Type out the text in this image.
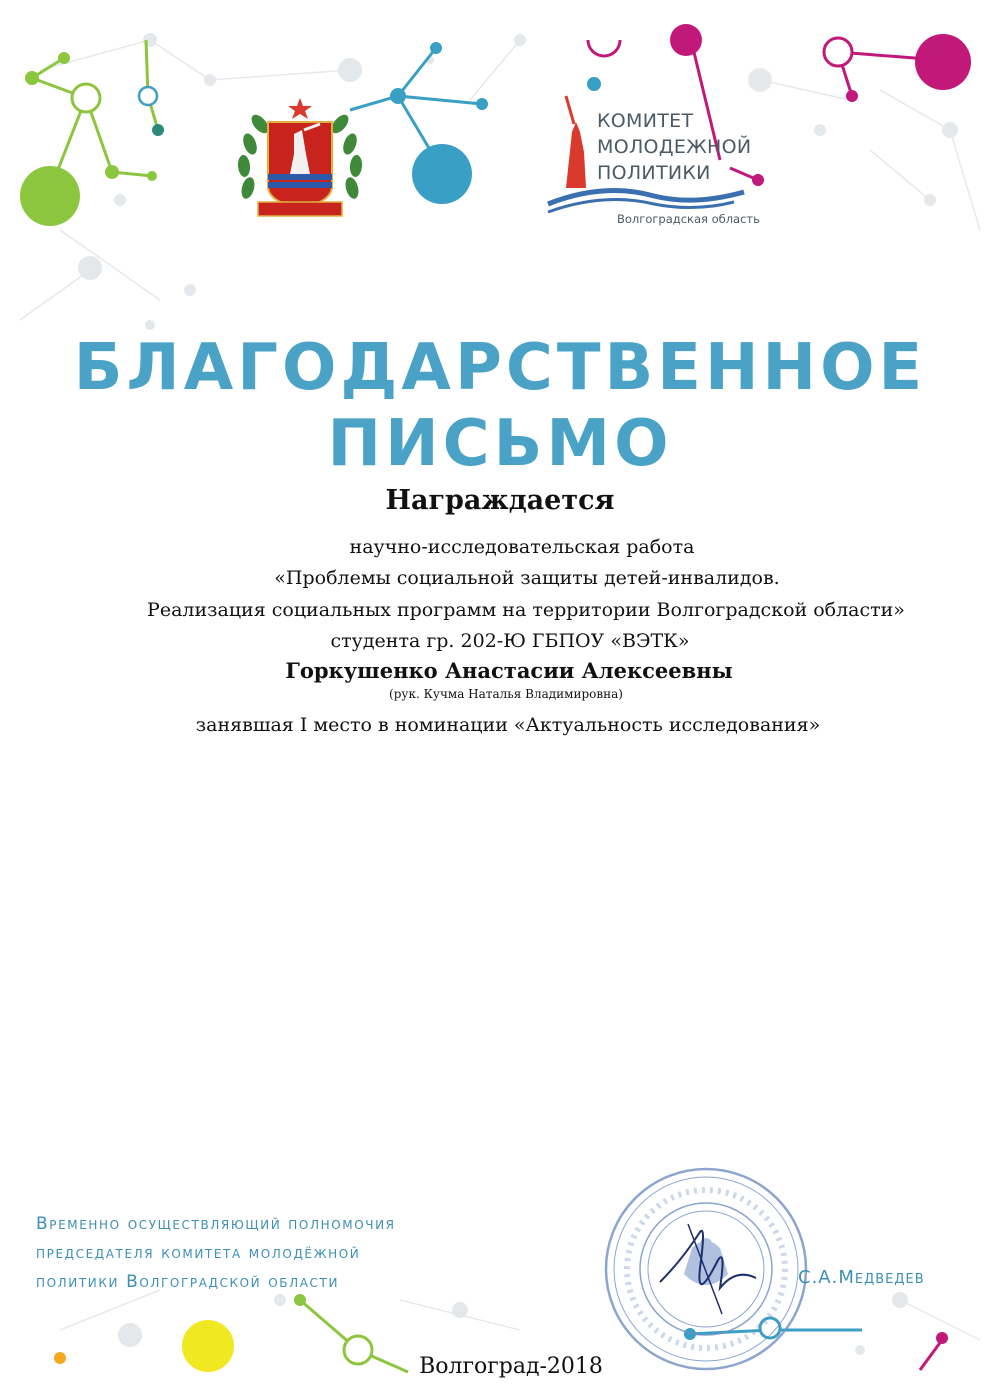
КОМИТЕТ
МОЛОДЕЖНОЙ
ПОЛИТИКИ
Волгоградская область
БЛАГОДАРСТВЕННОЕ
ПИСЬМО
Награждается
научно-исследовательская работа
«Проблемы социальной защиты детей-инвалидов.
Реализация социальных программ на территории Волгоградской области»
студента гр. 202-Ю ГБПОУ «ВЭТК»
Горкушенко Анастасии Алексеевны
(рук. Кучма Наталья Владимировна)
занявшая I место в номинации «Актуальность исследования»
Временно осуществляющий полномочия
председателя комитета молодёжной
политики Волгоградской области	С.А.Медведев
Волгоград-2018
